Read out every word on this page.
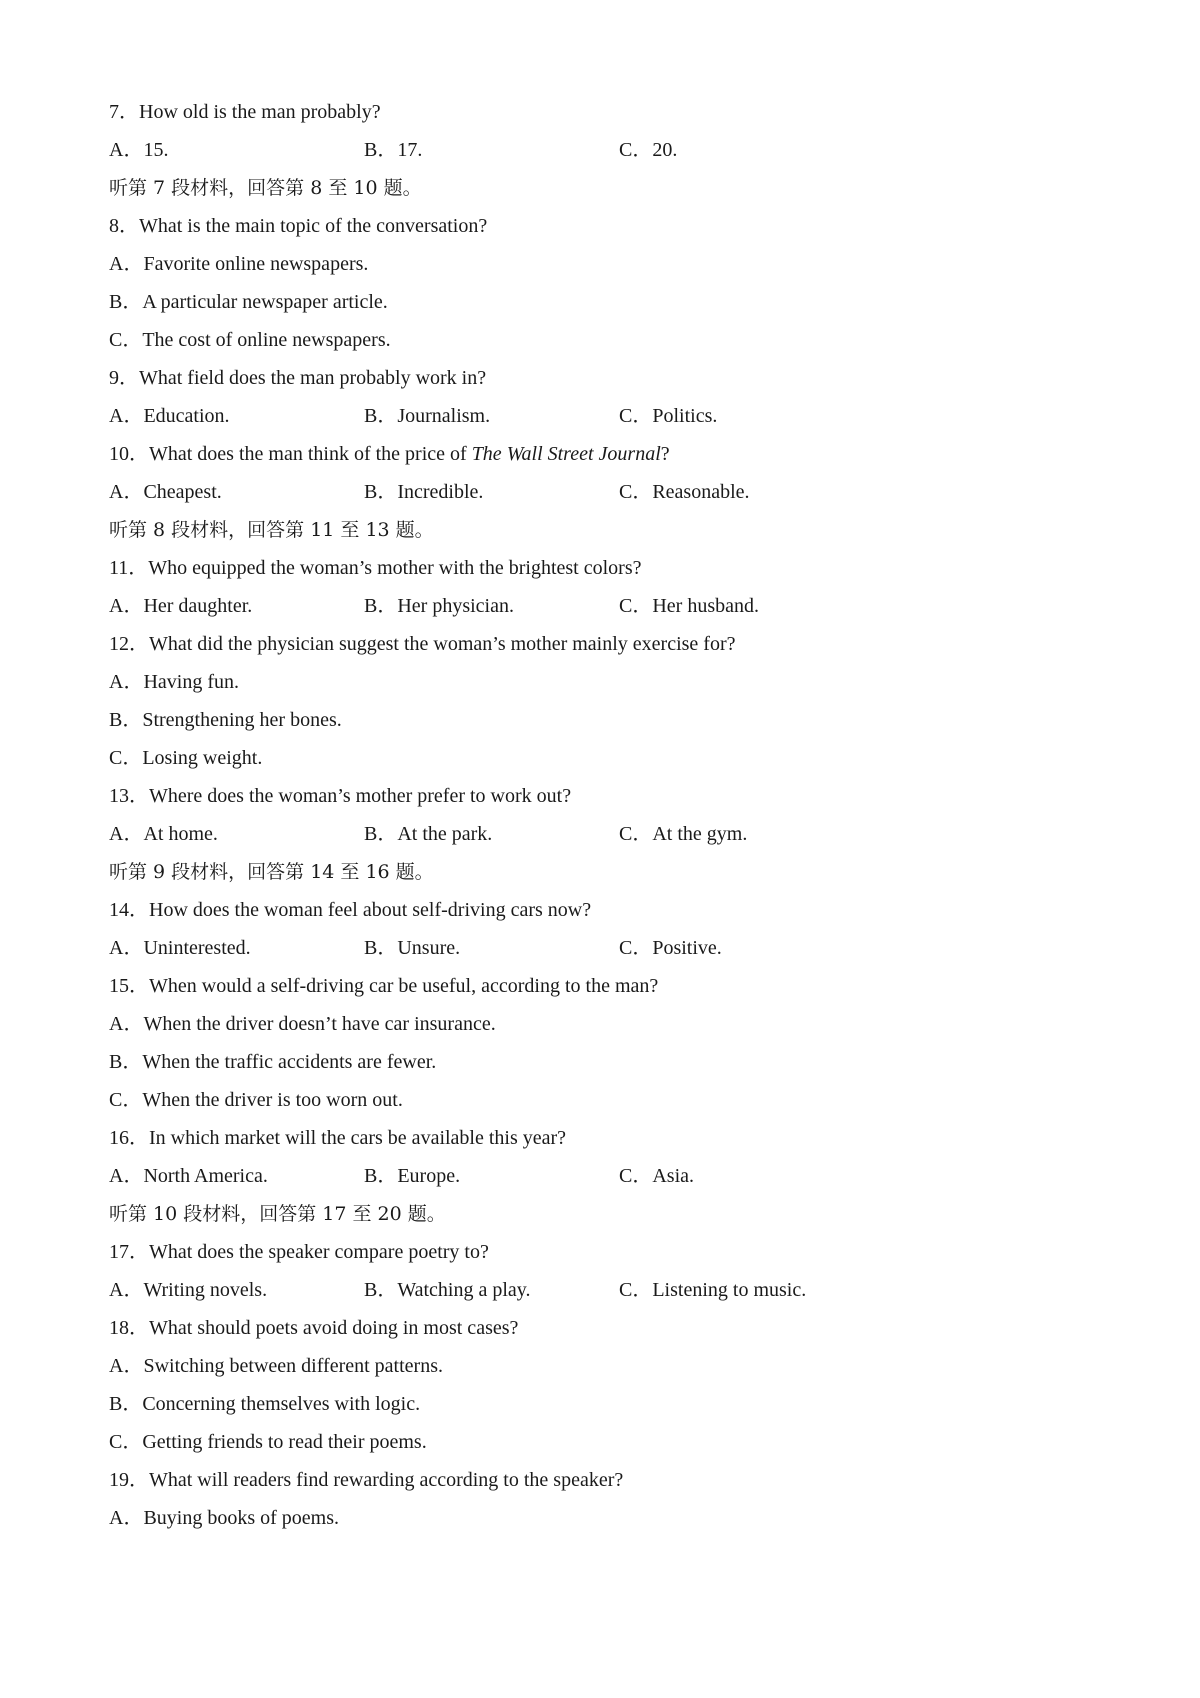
7．How old is the man probably?
A．15.	B．17.	C．20.
听第 7 段材料，回答第 8 至 10 题。
8．What is the main topic of the conversation?
A．Favorite online newspapers.
B．A particular newspaper article.
C．The cost of online newspapers.
9．What field does the man probably work in?
A．Education.	B．Journalism.	C．Politics.
10．What does the man think of the price of The Wall Street Journal?
A．Cheapest.	B．Incredible.	C．Reasonable.
听第 8 段材料，回答第 11 至 13 题。
11．Who equipped the woman’s mother with the brightest colors?
A．Her daughter.	B．Her physician.	C．Her husband.
12．What did the physician suggest the woman’s mother mainly exercise for?
A．Having fun.
B．Strengthening her bones.
C．Losing weight.
13．Where does the woman’s mother prefer to work out?
A．At home.	B．At the park.	C．At the gym.
听第 9 段材料，回答第 14 至 16 题。
14．How does the woman feel about self-driving cars now?
A．Uninterested.	B．Unsure.	C．Positive.
15．When would a self-driving car be useful, according to the man?
A．When the driver doesn’t have car insurance.
B．When the traffic accidents are fewer.
C．When the driver is too worn out.
16．In which market will the cars be available this year?
A．North America.	B．Europe.	C．Asia.
听第 10 段材料，回答第 17 至 20 题。
17．What does the speaker compare poetry to?
A．Writing novels.	B．Watching a play.	C．Listening to music.
18．What should poets avoid doing in most cases?
A．Switching between different patterns.
B．Concerning themselves with logic.
C．Getting friends to read their poems.
19．What will readers find rewarding according to the speaker?
A．Buying books of poems.
